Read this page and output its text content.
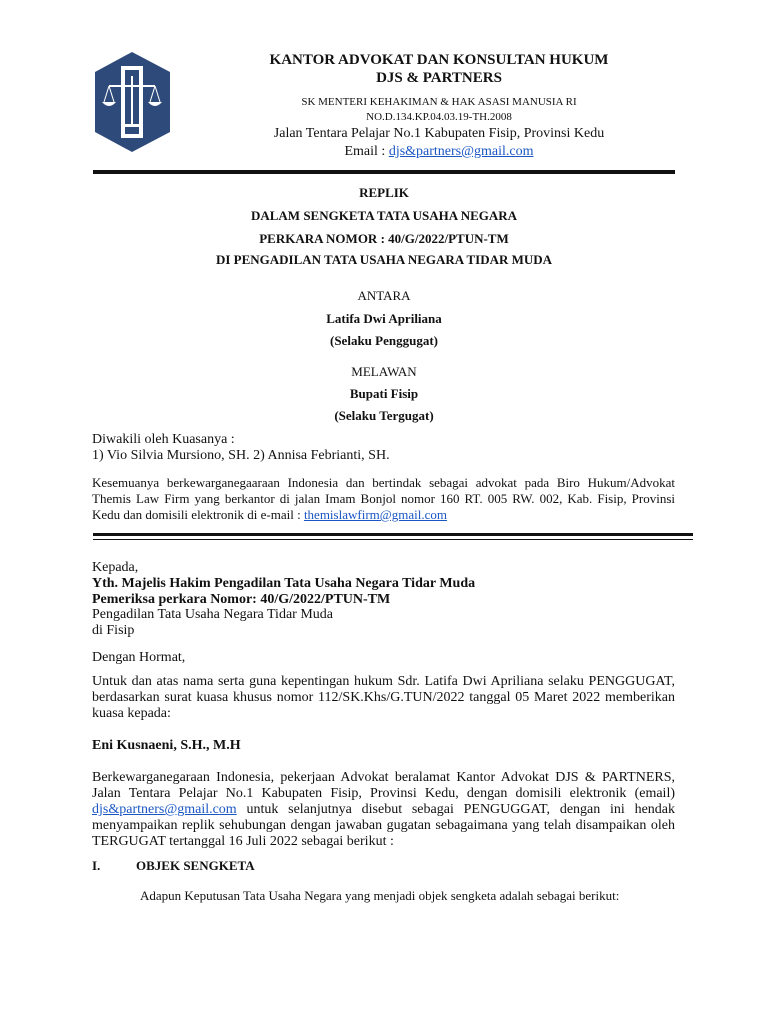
KANTOR ADVOKAT DAN KONSULTAN HUKUM
DJS & PARTNERS
SK MENTERI KEHAKIMAN & HAK ASASI MANUSIA RI
NO.D.134.KP.04.03.19-TH.2008
Jalan Tentara Pelajar No.1 Kabupaten Fisip, Provinsi Kedu
Email : djs&partners@gmail.com
REPLIK
DALAM SENGKETA TATA USAHA NEGARA
PERKARA NOMOR : 40/G/2022/PTUN-TM
DI PENGADILAN TATA USAHA NEGARA TIDAR MUDA
ANTARA
Latifa Dwi Apriliana
(Selaku Penggugat)
MELAWAN
Bupati Fisip
(Selaku Tergugat)
Diwakili oleh Kuasanya :
1) Vio Silvia Mursiono, SH. 2) Annisa Febrianti, SH.
Kesemuanya berkewarganegaaraan Indonesia dan bertindak sebagai advokat pada Biro Hukum/Advokat Themis Law Firm yang berkantor di jalan Imam Bonjol nomor 160 RT. 005 RW. 002, Kab. Fisip, Provinsi Kedu dan domisili elektronik di e-mail : themislawfirm@gmail.com
Kepada,
Yth. Majelis Hakim Pengadilan Tata Usaha Negara Tidar Muda
Pemeriksa perkara Nomor: 40/G/2022/PTUN-TM
Pengadilan Tata Usaha Negara Tidar Muda
di Fisip
Dengan Hormat,
Untuk dan atas nama serta guna kepentingan hukum Sdr. Latifa Dwi Apriliana selaku PENGGUGAT, berdasarkan surat kuasa khusus nomor 112/SK.Khs/G.TUN/2022 tanggal 05 Maret 2022 memberikan kuasa kepada:
Eni Kusnaeni, S.H., M.H
Berkewarganegaraan Indonesia, pekerjaan Advokat beralamat Kantor Advokat DJS & PARTNERS, Jalan Tentara Pelajar No.1 Kabupaten Fisip, Provinsi Kedu, dengan domisili elektronik (email) djs&partners@gmail.com untuk selanjutnya disebut sebagai PENGUGGAT, dengan ini hendak menyampaikan replik sehubungan dengan jawaban gugatan sebagaimana yang telah disampaikan oleh TERGUGAT tertanggal 16 Juli 2022 sebagai berikut :
I.	OBJEK SENGKETA
Adapun Keputusan Tata Usaha Negara yang menjadi objek sengketa adalah sebagai berikut:
